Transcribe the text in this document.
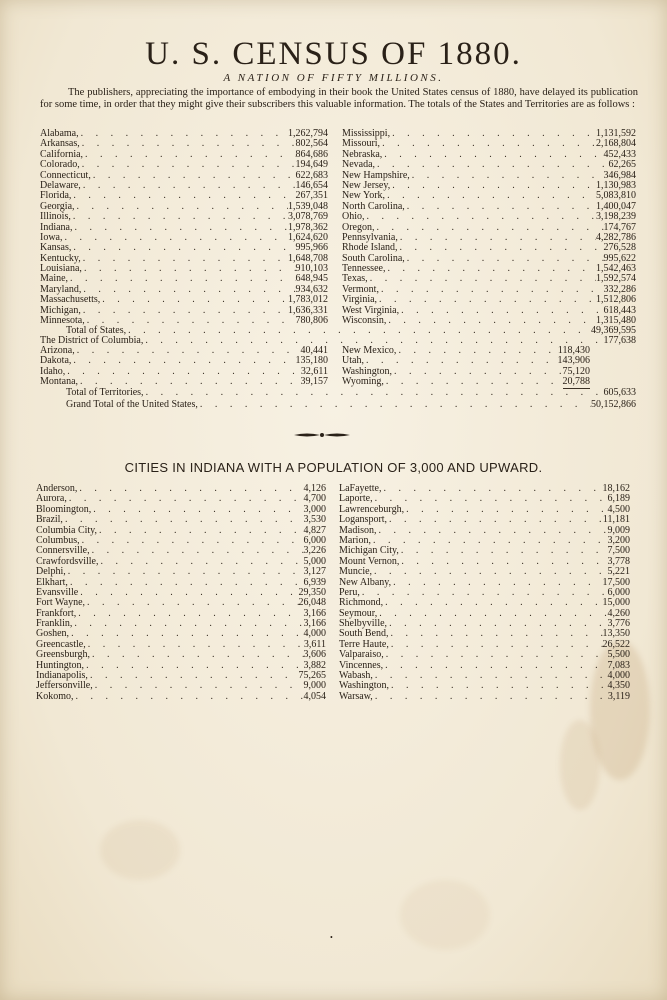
U. S. CENSUS OF 1880.
A NATION OF FIFTY MILLIONS.
The publishers, appreciating the importance of embodying in their book the United States census of 1880, have delayed its publication for some time, in order that they might give their subscribers this valuable information. The totals of the States and Territories are as follows :
Alabama, . . .	1,262,794
Arkansas, . . .	802,564
California, . . .	864,686
Colorado, . . .	194,649
Connecticut, . . .	622,683
Delaware, . . .	146,654
Florida, . . .	267,351
Georgia, . . .	1,539,048
Illinois, . . .	3,078,769
Indiana, . . .	1,978,362
Iowa, . . .	1,624,620
Kansas, . . .	995,966
Kentucky, . . .	1,648,708
Louisiana, . . .	910,103
Maine, . . .	648,945
Maryland, . . .	934,632
Massachusetts, . . .	1,783,012
Michigan, . . .	1,636,331
Minnesota, . . .	780,806
Mississippi, . . .	1,131,592
Missouri, . . .	2,168,804
Nebraska, . . .	452,433
Nevada, . . .	62,265
New Hampshire, . . .	346,984
New Jersey, . . .	1,130,983
New York, . . .	5,083,810
North Carolina, . . .	1,400,047
Ohio, . . .	3,198,239
Oregon, . . .	174,767
Pennsylvania, . . .	4,282,786
Rhode Island, . . .	276,528
South Carolina, . . .	995,622
Tennessee, . . .	1,542,463
Texas, . . .	1,592,574
Vermont, . . .	332,286
Virginia, . . .	1,512,806
West Virginia, . . .	618,443
Wisconsin, . . .	1,315,480
Total of States, . . .	49,369,595
The District of Columbia, . . .	177,638
Arizona, . . .	40,441
Dakota, . . .	135,180
Idaho, . . .	32,611
Montana, . . .	39,157
New Mexico, . . .	118,430
Utah, . . .	143,906
Washington, . . .	75,120
Wyoming, . . .	20,788
Total of Territories, . . .	605,633
Grand Total of the United States, . . .	50,152,866
CITIES IN INDIANA WITH A POPULATION OF 3,000 AND UPWARD.
Anderson, . . .	4,126
Aurora, . . .	4,700
Bloomington, . . .	3,000
Brazil, . . .	3,530
Columbia City, . . .	4,827
Columbus, . . .	6,000
Connersville, . . .	3,226
Crawfordsville, . . .	5,000
Delphi, . . .	3,127
Elkhart, . . .	6,939
Evansville . . .	29,350
Fort Wayne, . . .	26,048
Frankfort, . . .	3,166
Franklin, . . .	3,166
Goshen, . . .	4,000
Greencastle, . . .	3,611
Greensburgh, . . .	3,606
Huntington, . . .	3,882
Indianapolis, . . .	75,265
Jeffersonville, . . .	9,000
Kokomo, . . .	4,054
LaFayette, . . .	18,162
Laporte, . . .	6,189
Lawrenceburgh, . . .	4,500
Logansport, . . .	11,181
Madison, . . .	9,009
Marion, . . .	3,200
Michigan City, . . .	7,500
Mount Vernon, . . .	3,778
Muncie, . . .	5,221
New Albany, . . .	17,500
Peru, . . .	6,000
Richmond, . . .	15,000
Seymour, . . .	4,260
Shelbyville, . . .	3,776
South Bend, . . .	13,350
Terre Haute, . . .	26,522
Valparaiso, . . .	5,500
Vincennes, . . .	7,083
Wabash, . . .	4,000
Washington, . . .	4,350
Warsaw, . . .	3,119
•
